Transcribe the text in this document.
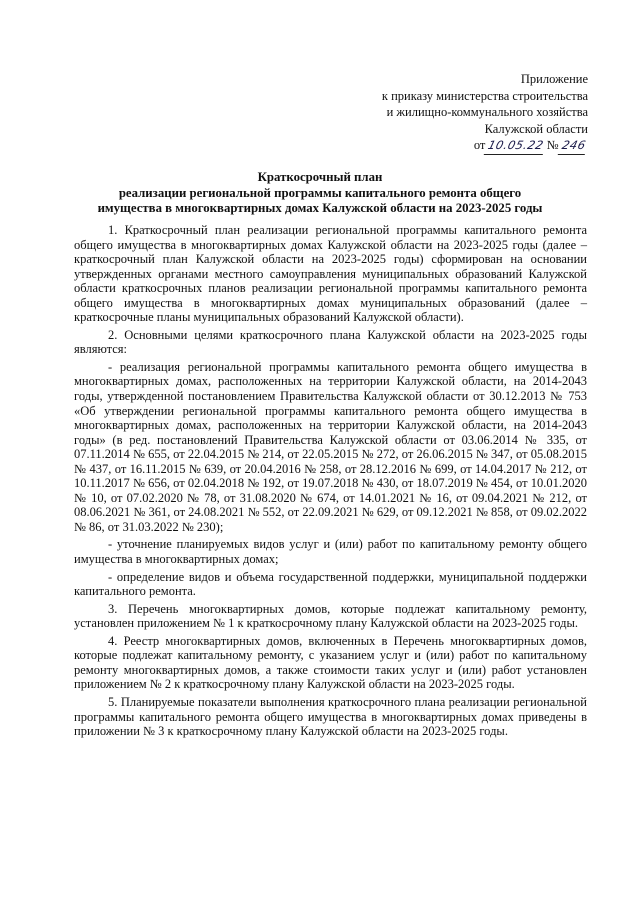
Приложение
к приказу министерства строительства
и жилищно-коммунального хозяйства
Калужской области
от10.05.22№246
Краткосрочный план
реализации региональной программы капитального ремонта общего
имущества в многоквартирных домах Калужской области на 2023-2025 годы

1. Краткосрочный план реализации региональной программы капитального ремонта общего имущества в многоквартирных домах Калужской области на 2023-2025 годы (далее – краткосрочный план Калужской области на 2023-2025 годы) сформирован на основании утвержденных органами местного самоуправления муниципальных образований Калужской области краткосрочных планов реализации региональной программы капитального ремонта общего имущества в многоквартирных домах муниципальных образований (далее – краткосрочные планы муниципальных образований Калужской области).

2. Основными целями краткосрочного плана Калужской области на 2023-2025 годы являются:

- реализация региональной программы капитального ремонта общего имущества в многоквартирных домах, расположенных на территории Калужской области, на 2014-2043 годы, утвержденной постановлением Правительства Калужской области от 30.12.2013 № 753 «Об утверждении региональной программы капитального ремонта общего имущества в многоквартирных домах, расположенных на территории Калужской области, на 2014-2043 годы» (в ред. постановлений Правительства Калужской области от 03.06.2014 № 335, от 07.11.2014 № 655, от 22.04.2015 № 214, от 22.05.2015 № 272, от 26.06.2015 № 347, от 05.08.2015 № 437, от 16.11.2015 № 639, от 20.04.2016 № 258, от 28.12.2016 № 699, от 14.04.2017 № 212, от 10.11.2017 № 656, от 02.04.2018 № 192, от 19.07.2018 № 430, от 18.07.2019 № 454, от 10.01.2020 № 10, от 07.02.2020 № 78, от 31.08.2020 № 674, от 14.01.2021 № 16, от 09.04.2021 № 212, от 08.06.2021 № 361, от 24.08.2021 № 552, от 22.09.2021 № 629, от 09.12.2021 № 858, от 09.02.2022 № 86, от 31.03.2022 № 230);

- уточнение планируемых видов услуг и (или) работ по капитальному ремонту общего имущества в многоквартирных домах;

- определение видов и объема государственной поддержки, муниципальной поддержки капитального ремонта.

3. Перечень многоквартирных домов, которые подлежат капитальному ремонту, установлен приложением № 1 к краткосрочному плану Калужской области на 2023-2025 годы.

4. Реестр многоквартирных домов, включенных в Перечень многоквартирных домов, которые подлежат капитальному ремонту, с указанием услуг и (или) работ по капитальному ремонту многоквартирных домов, а также стоимости таких услуг и (или) работ установлен приложением № 2 к краткосрочному плану Калужской области на 2023-2025 годы.

5. Планируемые показатели выполнения краткосрочного плана реализации региональной программы капитального ремонта общего имущества в многоквартирных домах приведены в приложении № 3 к краткосрочному плану Калужской области на 2023-2025 годы.
